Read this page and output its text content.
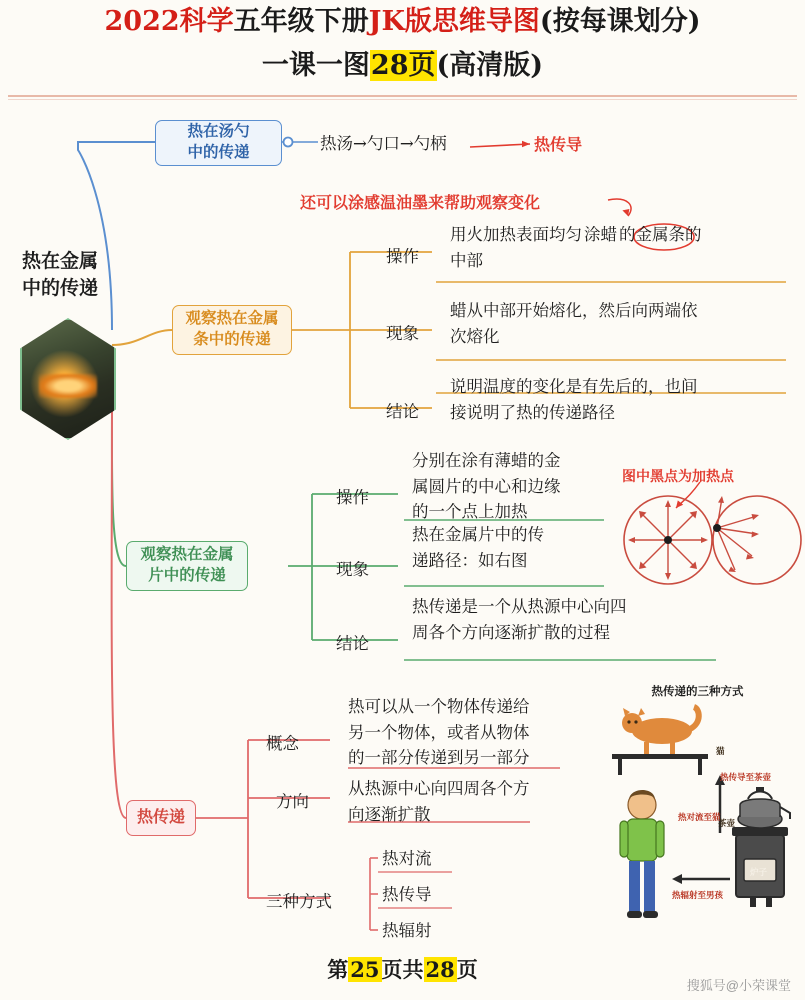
2022科学五年级下册JK版思维导图(按每课划分)
一课一图28页(高清版)
热在金属
中的传递
热在汤勺
中的传递
观察热在金属
条中的传递
观察热在金属
片中的传递
热传递
热汤→勺口→勺柄	热传导
还可以涂感温油墨来帮助观察变化
操作
用火加热表面均匀 涂蜡 的金属条的
中部
现象
蜡从中部开始熔化，然后向两端依
次熔化
结论
说明温度的变化是有先后的，也间
接说明了热的传递路径
操作
分别在涂有薄蜡的金
属圆片的中心和边缘
的一个点上加热
现象
热在金属片中的传
递路径：如右图
结论
热传递是一个从热源中心向四
周各个方向逐渐扩散的过程
图中黑点为加热点
概念
热可以从一个物体传递给
另一个物体，或者从物体
的一部分传递到另一部分
方向
从热源中心向四周各个方
向逐渐扩散
三种方式
热对流
热传导
热辐射
热传递的三种方式
猫
热对流至猫
热传导至茶壶
茶壶
炉子
热辐射至男孩
第25页共28页
搜狐号@小荣课堂
